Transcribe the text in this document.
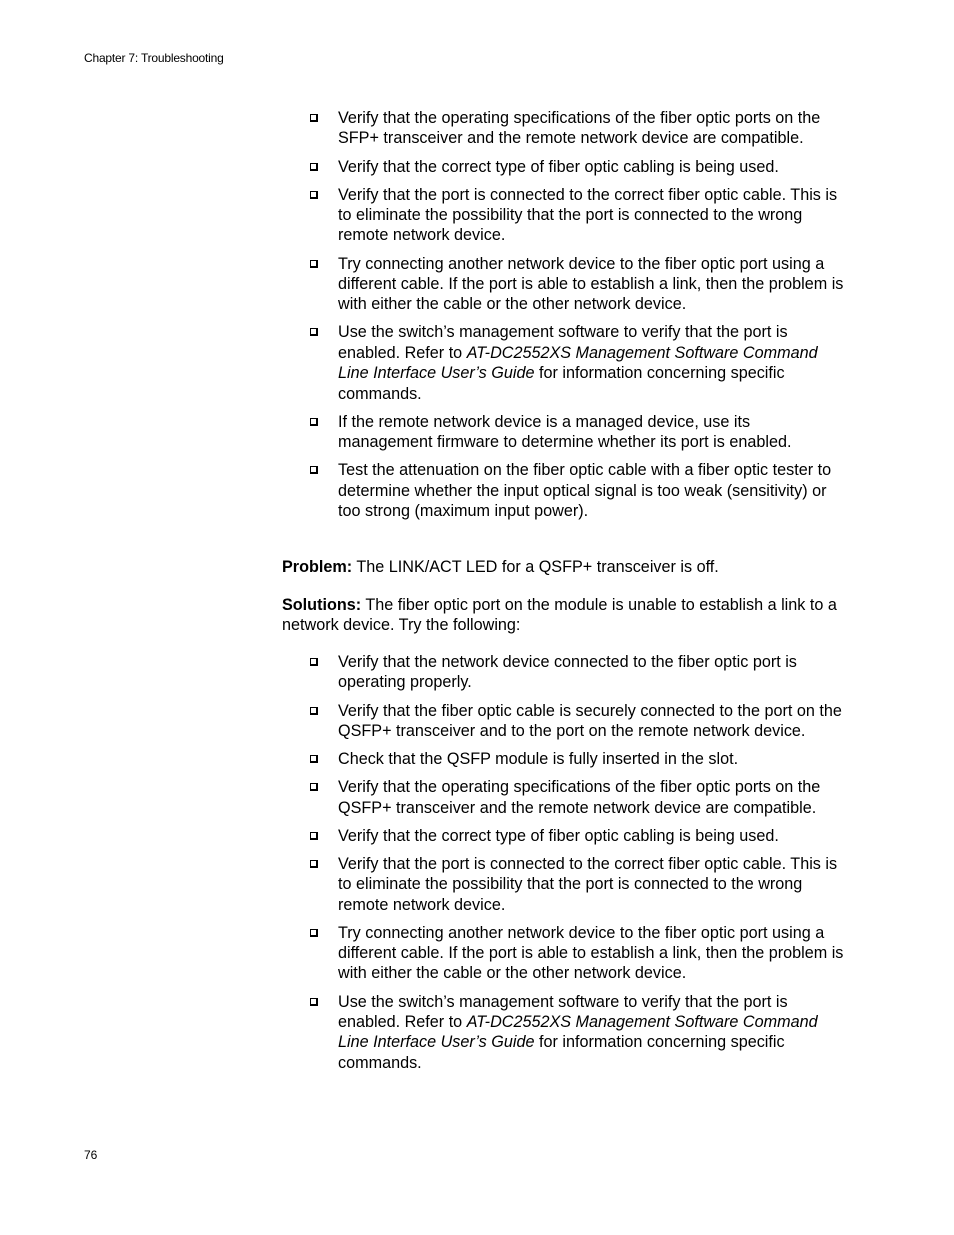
Chapter 7: Troubleshooting
Verify that the operating specifications of the fiber optic ports on the SFP+ transceiver and the remote network device are compatible.
Verify that the correct type of fiber optic cabling is being used.
Verify that the port is connected to the correct fiber optic cable. This is to eliminate the possibility that the port is connected to the wrong remote network device.
Try connecting another network device to the fiber optic port using a different cable. If the port is able to establish a link, then the problem is with either the cable or the other network device.
Use the switch’s management software to verify that the port is enabled. Refer to AT-DC2552XS Management Software Command Line Interface User’s Guide for information concerning specific commands.
If the remote network device is a managed device, use its management firmware to determine whether its port is enabled.
Test the attenuation on the fiber optic cable with a fiber optic tester to determine whether the input optical signal is too weak (sensitivity) or too strong (maximum input power).

Problem: The LINK/ACT LED for a QSFP+ transceiver is off.

Solutions: The fiber optic port on the module is unable to establish a link to a network device. Try the following:

Verify that the network device connected to the fiber optic port is operating properly.
Verify that the fiber optic cable is securely connected to the port on the QSFP+ transceiver and to the port on the remote network device.
Check that the QSFP module is fully inserted in the slot.
Verify that the operating specifications of the fiber optic ports on the QSFP+ transceiver and the remote network device are compatible.
Verify that the correct type of fiber optic cabling is being used.
Verify that the port is connected to the correct fiber optic cable. This is to eliminate the possibility that the port is connected to the wrong remote network device.
Try connecting another network device to the fiber optic port using a different cable. If the port is able to establish a link, then the problem is with either the cable or the other network device.
Use the switch’s management software to verify that the port is enabled. Refer to AT-DC2552XS Management Software Command Line Interface User’s Guide for information concerning specific commands.
76
